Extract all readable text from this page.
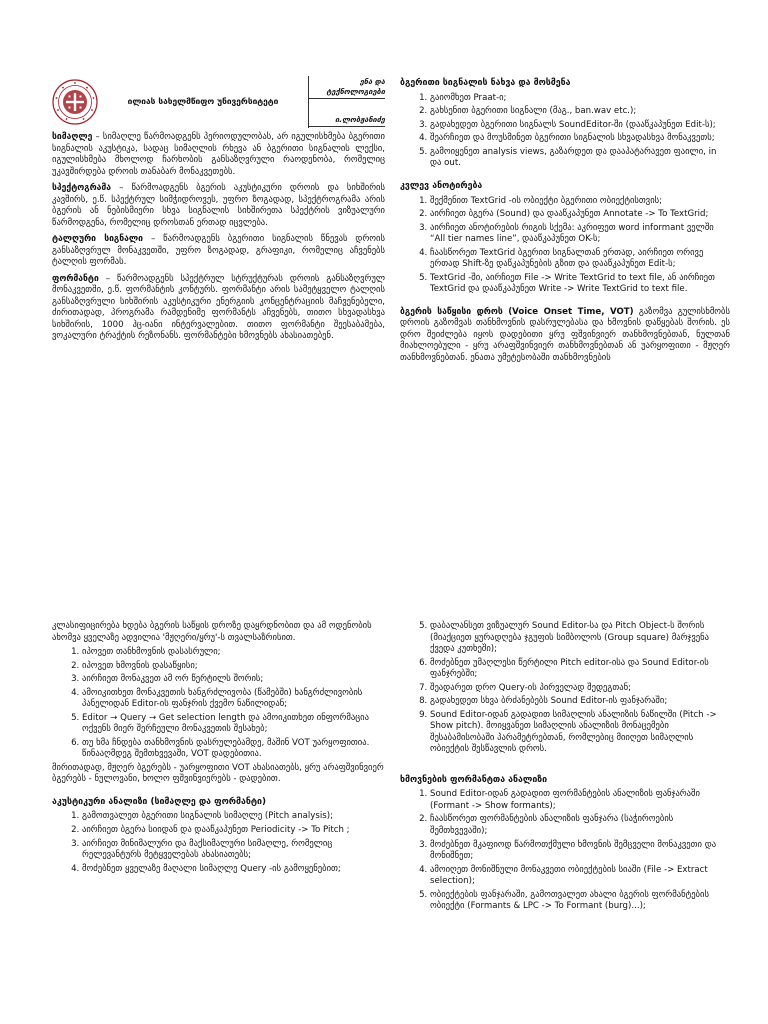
ილიას სახელმწიფო უნივერსიტეტი
ენა და ტექნოლოგიები
ი.ლობჟანიძე

სიმაღლე – სიმაღლე წარმოადგენს პერიოდულობას, არ იგულისხმება ბგერითი სიგნალის აკუსტიკა, სადაც სიმაღლის რხევა ან ბგერითი სიგნალის ლექსი, იგულისხმება მხოლოდ ჩარხობის განსაზღვრული რაოდენობა, რომელიც უკავშირდება დროის თანაბარ მონაკვეთებს.

სპექტოგრამა – წარმოადგენს ბგერის აკუსტიკური დროის და სიხშირის კავშირს, ე.წ. სპექტრულ სიმჭიდროვეს, უფრო ზოგადად, სპექტროგრამა არის ბგერის ან ნებისმიერი სხვა სიგნალის სიხშირეთა სპექტრის ვიზუალური წარმოდგენა, რომელიც დროსთან ერთად იცვლება.

ტალღური სიგნალი – წარმოადგენს ბგერითი სიგნალის წნევას დროის განსაზღვრულ მონაკვეთში, უფრო ზოგადად, გრაფიკი, რომელიც აჩვენებს ტალღის ფორმას.

ფორმანტი – წარმოადგენს სპექტრულ სტრუქტურას დროის განსაზღვრულ მონაკვეთში, ე.წ. ფორმანტის კონტურს. ფორმანტი არის სამეტყველო ტალღის განსაზღვრული სიხშირის აკუსტიკური ენერგიის კონცენტრაციის მაჩვენებელი, ძირითადად, პროგრამა რამდენიმე ფორმანტს აჩვენებს, თითო სხვადასხვა სიხშირის, 1000 ჰც-იანი ინტერვალებით. თითო ფორმანტი შეესაბამება, ვოკალური ტრაქტის რეზონანს. ფორმანტები ხმოვნებს ახასიათებენ.

ბგერითი სიგნალის ნახვა და მოსმენა
1. გაიომხეთ Praat-ი;
2. გახსენით ბგერითი სიგნალი (მაგ., ban.wav etc.);
3. გადახედეთ ბგერითი სიგნალს SoundEditor-ში (დააწკაპუნეთ Edit-ს);
4. შეარჩიეთ და მოუსმინეთ ბგერითი სიგნალის სხვადასხვა მონაკვეთს;
5. გამოიყენეთ analysis views, გაზარდეთ და დააპატარავეთ ფაილი, in და out.
კვლევ ანოტირება
1. შექმენით TextGrid -ის ობიექტი ბგერითი ობიექტისთვის;
2. აირჩიეთ ბგერა (Sound) და დააწკაპუნეთ Annotate -> To TextGrid;
3. აირჩიეთ ანოტირების რიგის სქემა: აკრიფეთ word informant ველში “All tier names line”, დააწკაპუნეთ OK-ს;
4. ჩაასწორეთ TextGrid ბგერით სიგნალთან ერთად, აირჩიეთ ორივე ერთად Shift-ზე დაწკაპუნების გზით და დააწკაპუნეთ Edit-ს;
5. TextGrid -ში, აირჩიეთ File -> Write TextGrid to text file, ან აირჩიეთ TextGrid და დააწკაპუნეთ Write -> Write TextGrid to text file.

ბგერის საწყისი დროს (Voice Onset Time, VOT) გაზომვა გულისხმობს დროის გაზომვას თანხმოვნის დასრულებასა და ხმოვნის დაწყებას შორის. ეს დრო შეიძლება იყოს დადებითი ყრუ ფშვინვიერ თანხმოვნებთან, ნულთან მიახლოებული - ყრუ არაფშვინვიერ თანხმოვნებთან ან უარყოფითი - მჟღერ თანხმოვნებთან. ენათა უმეტესობაში თანხმოვნების

კლასიფიცირება ხდება ბგერის საწყის დროზე დაყრდნობით და ამ ოდენობის ახომვა ყველაზე ადვილია 'მჟღერი/ყრუ'-ს თვალსაზრისით.

1. იპოვეთ თანხმოვნის დასასრული;
2. იპოვეთ ხმოვნის დასაწყისი;
3. აირჩიეთ მონაკვეთ ამ ორ წერტილს შორის;
4. ამოიკითხეთ მონაკვეთის ხანგრძლივობა (წამებში) ხანგრძლივობის პანელიდან Editor-ის ფანჯრის ქვემო ნაწილიდან;
5. Editor → Query → Get selection length და ამოიკითხეთ ინფორმაცია ოქვენს მიერ შერჩეული მონაკვეთის შესახებ;
6. თუ ხმა ჩნდება თანხმოვნის დასრულებამდე, მაშინ VOT უარყოფითია. წინააღმდეგ შემთხვევაში, VOT დადებითია.

მირითადად, მჟღერ ბგერებს - უარყოფითი VOT ახასიათებს, ყრუ არაფშვინვიერ ბგერებს - ნულოვანი, ხოლო ფშვინვიერებს - დადებით.

აკუსტიკური ანალიზი (სიმაღლე და ფორმანტი)
1. გამოთვალეთ ბგერითი სიგნალის სიმაღლე (Pitch analysis);
2. აირჩიეთ ბგერა სიიდან და დააწკაპუნეთ Periodicity -> To Pitch ;
3. აირჩიეთ მინიმალური და მაქსიმალური სიმაღლე, რომელიც რელევანტურს მეტყველებას ახასიათებს;
4. მოძებნეთ ყველაზე მაღალი სიმაღლე Query -ის გამოყენებით;
5. დაბალანსეთ ვიზუალურ Sound Editor-სა და Pitch Object-ს შორის (მიაქციეთ ყურადღება ჯგუფის სიმბოლოს (Group square) მარჯვენა ქვედა კუთხეში);
6. მოძებნეთ უმაღლესი წერტილი Pitch editor-ისა და Sound Editor-ის ფანჯრებში;
7. შეადარეთ დრო Query-ის პირველად შედეგთან;
8. გადახედეთ სხვა ბრძანებებს Sound Editor-ის ფანჯარაში;
9. Sound Editor-იდან გადადით სიმაღლის ანალიზის ნაწილში (Pitch -> Show pitch). მოიყვანეთ სიმაღლის ანალიზის მონაცემები შესაბამისობაში პარამეტრებთან, რომლებიც მიიღეთ სიმაღლის ობიექტის შესწავლის დროს.
ხმოვნების ფორმანტთა ანალიზი
1. Sound Editor-იდან გადადით ფორმანტების ანალიზის ფანჯარაში (Formant -> Show formants);
2. ჩაასწორეთ ფორმანტების ანალიზის ფანჯარა (საჭიროების შემთხვევაში);
3. მოძებნეთ მკაფიოდ წარმოთქმული ხმოვნის შემცველი მონაკვეთი და მონიშნეთ;
4. ამოიღეთ მონიშნული მონაკვეთი ობიექტების სიაში (File -> Extract selection);
5. ობიექტების ფანჯარაში, გამოთვალეთ ახალი ბგერის ფორმანტების ობიექტი (Formants & LPC -> To Formant (burg)...);
